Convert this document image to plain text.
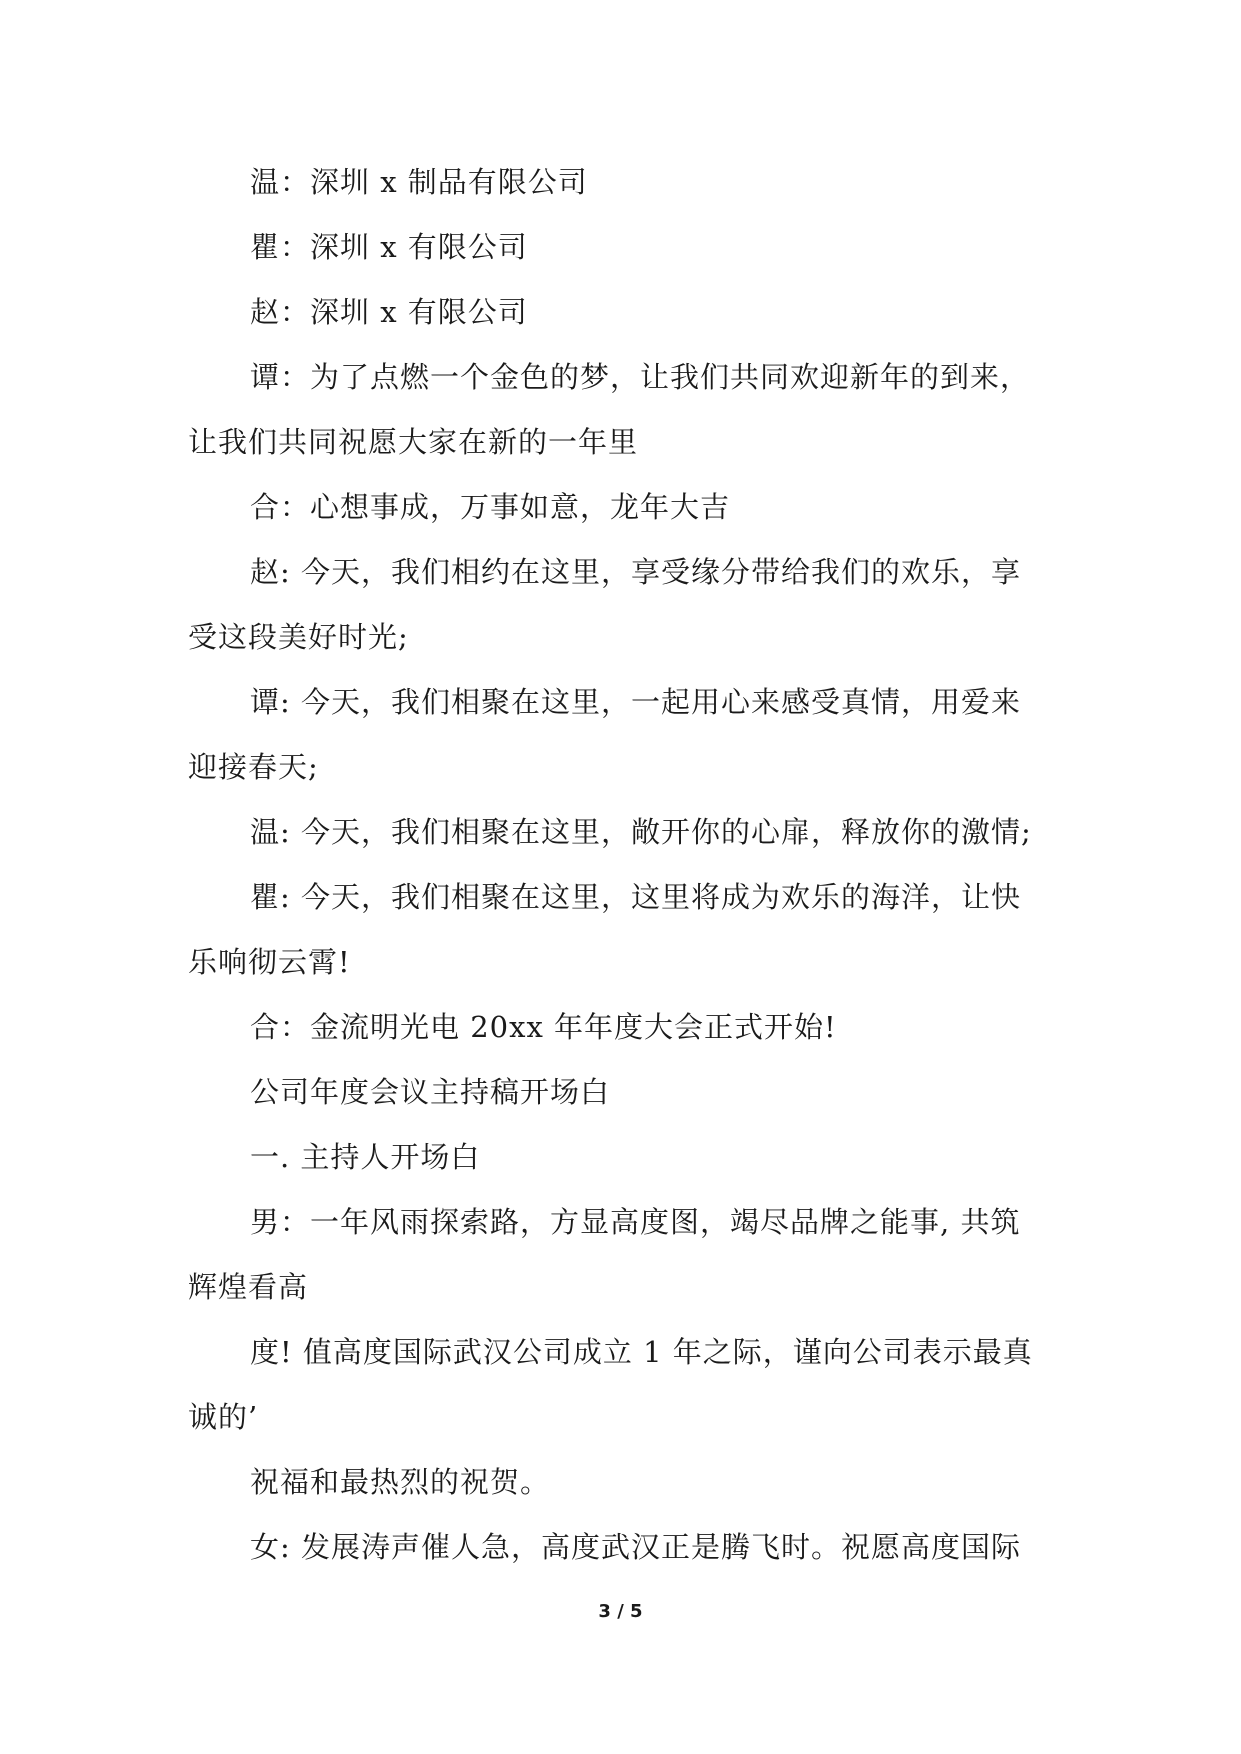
温：深圳 x 制品有限公司
瞿：深圳 x 有限公司
赵：深圳 x 有限公司
谭：为了点燃一个金色的梦，让我们共同欢迎新年的到来，
让我们共同祝愿大家在新的一年里
合：心想事成，万事如意，龙年大吉
赵: 今天，我们相约在这里，享受缘分带给我们的欢乐，享
受这段美好时光;
谭: 今天，我们相聚在这里，一起用心来感受真情，用爱来
迎接春天;
温: 今天，我们相聚在这里，敞开你的心扉，释放你的激情;
瞿: 今天，我们相聚在这里，这里将成为欢乐的海洋，让快
乐响彻云霄!
合：金流明光电 20xx 年年度大会正式开始!
公司年度会议主持稿开场白
一. 主持人开场白
男：一年风雨探索路，方显高度图，竭尽品牌之能事, 共筑
辉煌看高
度! 值高度国际武汉公司成立 1 年之际，谨向公司表示最真
诚的’
祝福和最热烈的祝贺。
女: 发展涛声催人急，高度武汉正是腾飞时。祝愿高度国际
3 / 5
